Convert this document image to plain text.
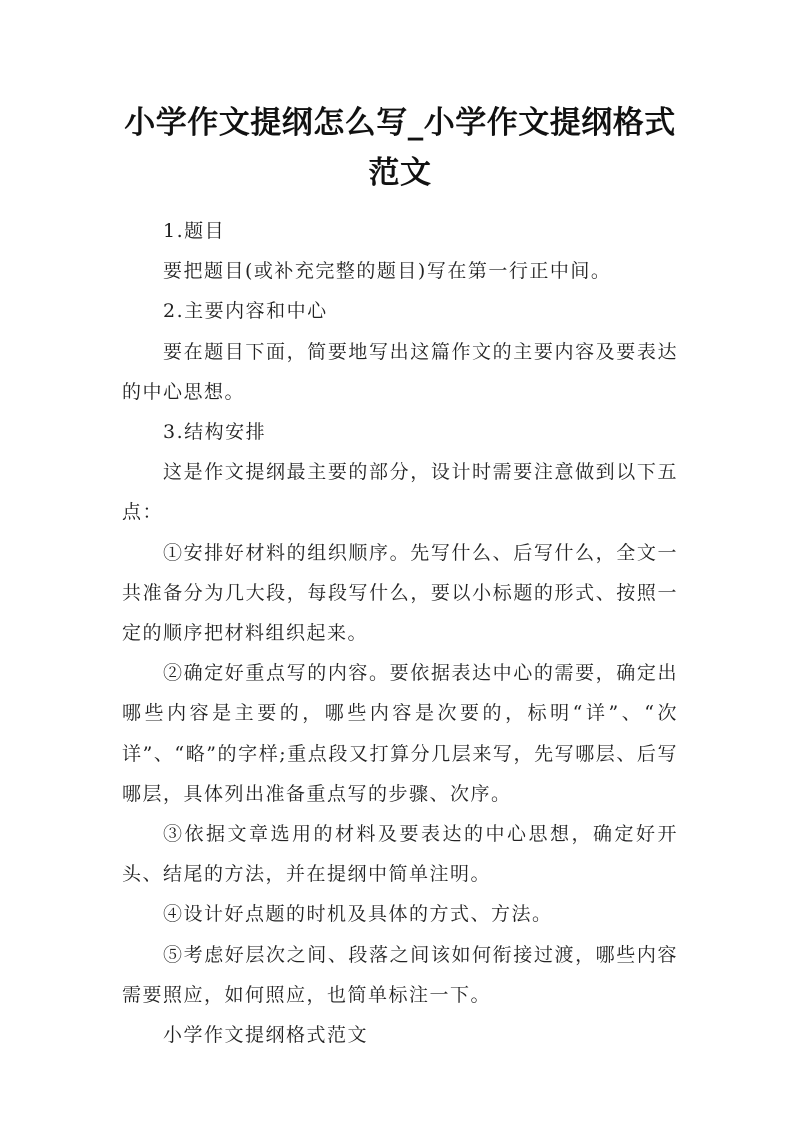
小学作文提纲怎么写_小学作文提纲格式范文

1.题目

要把题目(或补充完整的题目)写在第一行正中间。

2.主要内容和中心

要在题目下面，简要地写出这篇作文的主要内容及要表达的中心思想。

3.结构安排

这是作文提纲最主要的部分，设计时需要注意做到以下五点：

①安排好材料的组织顺序。先写什么、后写什么，全文一共准备分为几大段，每段写什么，要以小标题的形式、按照一定的顺序把材料组织起来。

②确定好重点写的内容。要依据表达中心的需要，确定出哪些内容是主要的，哪些内容是次要的，标明“详”、“次详”、“略”的字样;重点段又打算分几层来写，先写哪层、后写哪层，具体列出准备重点写的步骤、次序。

③依据文章选用的材料及要表达的中心思想，确定好开头、结尾的方法，并在提纲中简单注明。

④设计好点题的时机及具体的方式、方法。

⑤考虑好层次之间、段落之间该如何衔接过渡，哪些内容需要照应，如何照应，也简单标注一下。

小学作文提纲格式范文
